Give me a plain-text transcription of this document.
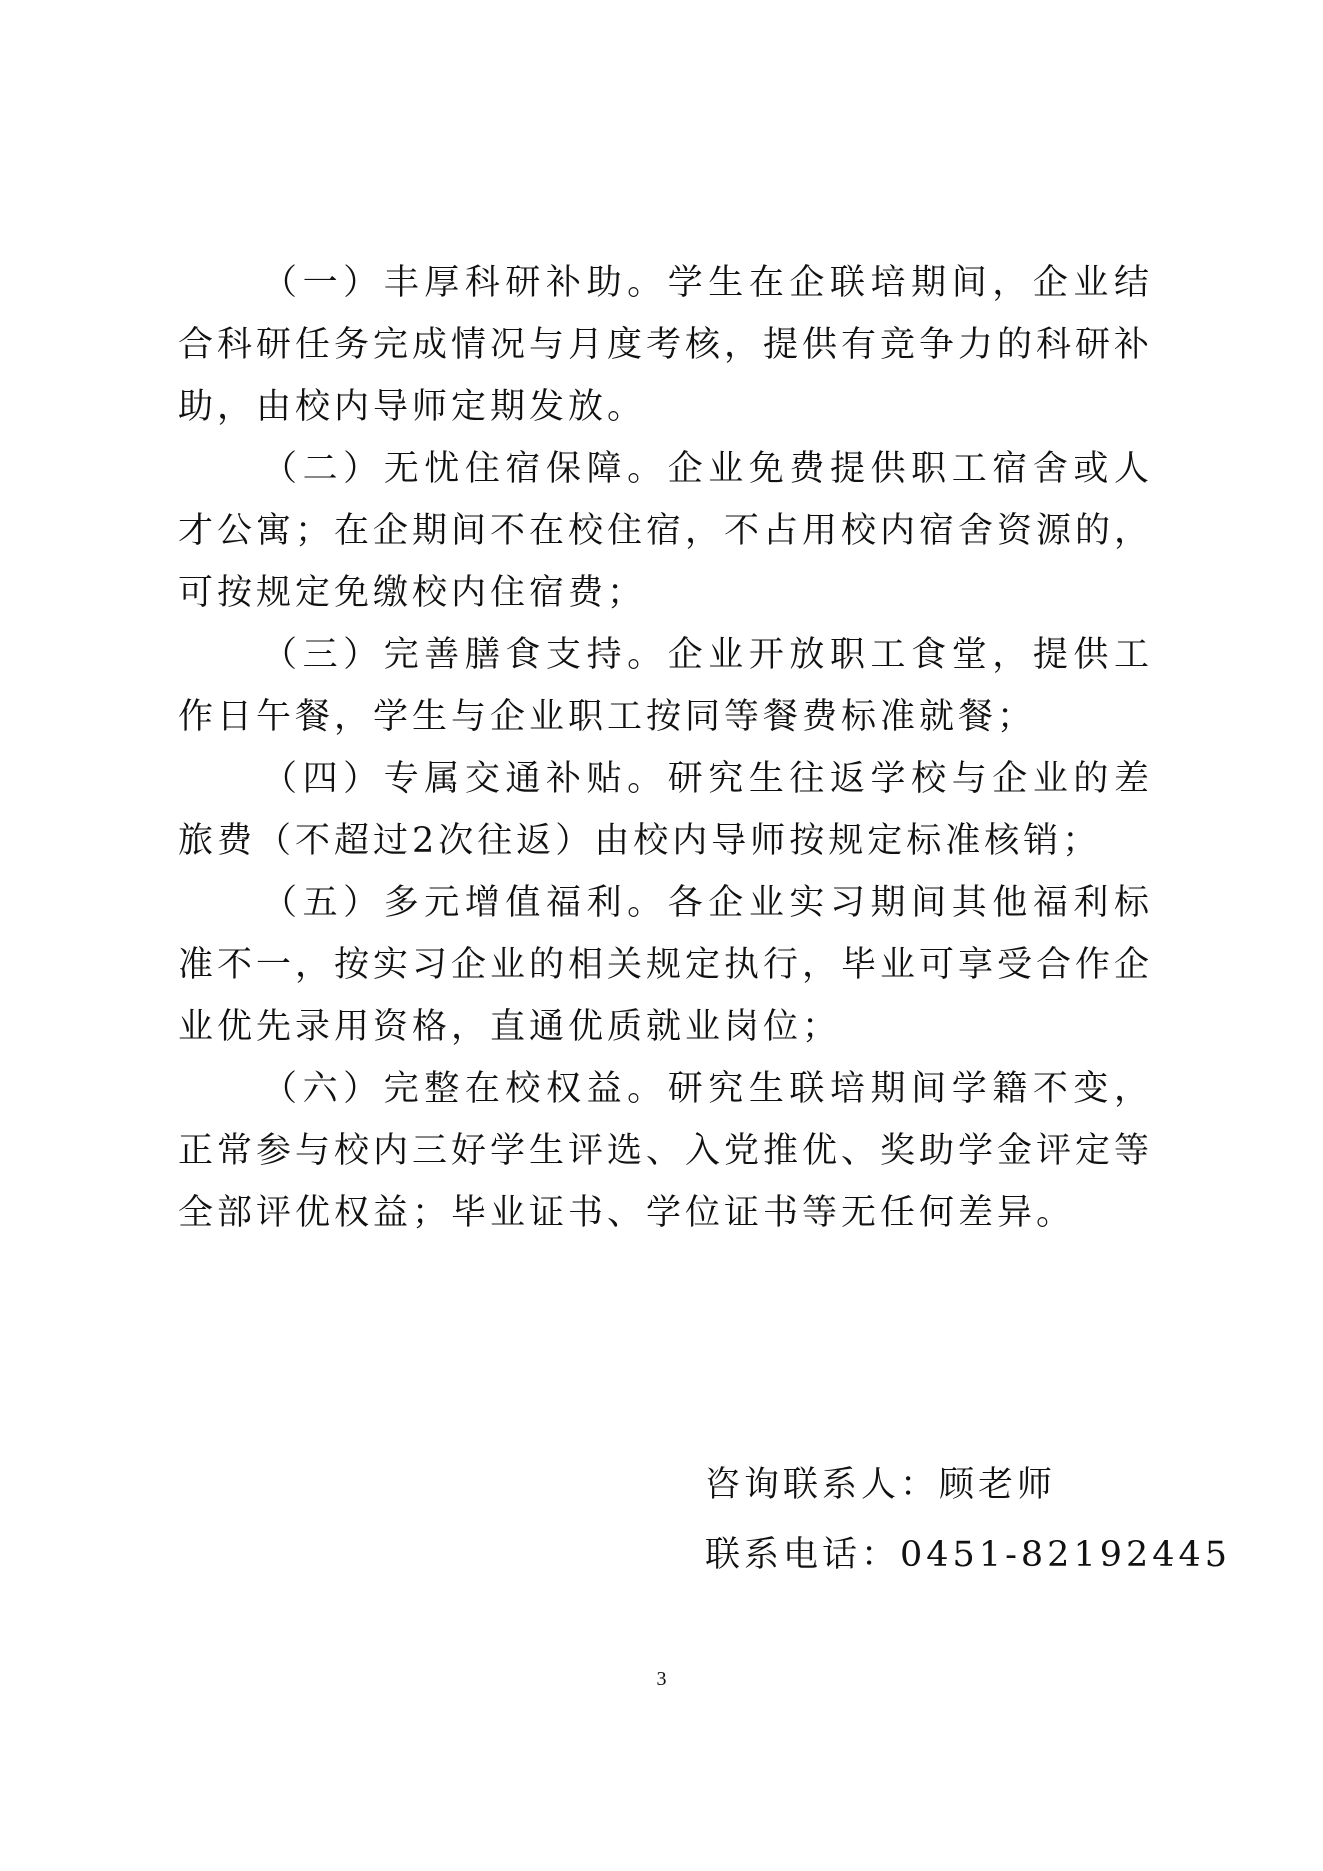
（一）丰厚科研补助。学生在企联培期间，企业结合科研任务完成情况与月度考核，提供有竞争力的科研补助，由校内导师定期发放。

（二）无忧住宿保障。企业免费提供职工宿舍或人才公寓；在企期间不在校住宿，不占用校内宿舍资源的，可按规定免缴校内住宿费；

（三）完善膳食支持。企业开放职工食堂，提供工作日午餐，学生与企业职工按同等餐费标准就餐；

（四）专属交通补贴。研究生往返学校与企业的差旅费（不超过2次往返）由校内导师按规定标准核销；

（五）多元增值福利。各企业实习期间其他福利标准不一，按实习企业的相关规定执行，毕业可享受合作企业优先录用资格，直通优质就业岗位；

（六）完整在校权益。研究生联培期间学籍不变，正常参与校内三好学生评选、入党推优、奖助学金评定等全部评优权益；毕业证书、学位证书等无任何差异。

咨询联系人：顾老师
联系电话：0451-82192445
3
